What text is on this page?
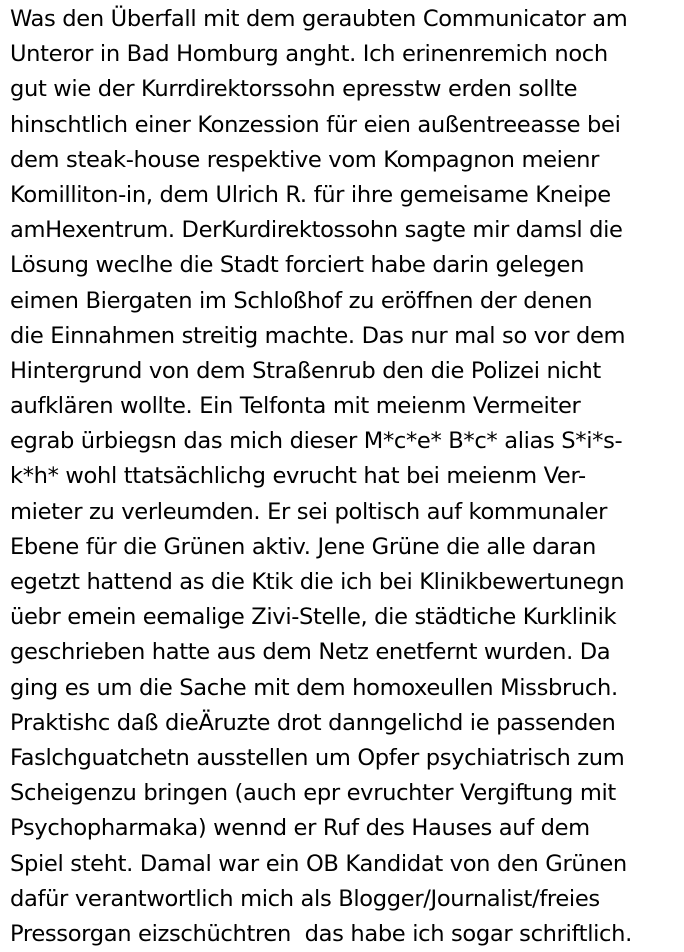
Was den Überfall mit dem geraubten Communicator am
Unteror in Bad Homburg anght. Ich erinenremich noch
gut wie der Kurrdirektorssohn epresstw erden sollte
hinschtlich einer Konzession für eien außentreeasse bei
dem steak-house respektive vom Kompagnon meienr
Komilliton-in, dem Ulrich R. für ihre gemeisame Kneipe
amHexentrum. DerKurdirektossohn sagte mir damsl die
Lösung weclhe die Stadt forciert habe darin gelegen
eimen Biergaten im Schloßhof zu eröffnen der denen
die Einnahmen streitig machte. Das nur mal so vor dem
Hintergrund von dem Straßenrub den die Polizei nicht
aufklären wollte. Ein Telfonta mit meienm Vermeiter
egrab ürbiegsn das mich dieser M*c*e* B*c* alias S*i*s-
k*h* wohl ttatsächlichg evrucht hat bei meienm Ver-
mieter zu verleumden. Er sei poltisch auf kommunaler
Ebene für die Grünen aktiv. Jene Grüne die alle daran
egetzt hattend as die Ktik die ich bei Klinikbewertunegn
üebr emein eemalige Zivi-Stelle, die städtiche Kurklinik
geschrieben hatte aus dem Netz enetfernt wurden. Da
ging es um die Sache mit dem homoxeullen Missbruch.
Praktishc daß dieÄruzte drot danngelichd ie passenden
Faslchguatchetn ausstellen um Opfer psychiatrisch zum
Scheigenzu bringen (auch epr evruchter Vergiftung mit
Psychopharmaka) wennd er Ruf des Hauses auf dem
Spiel steht. Damal war ein OB Kandidat von den Grünen
dafür verantwortlich mich als Blogger/Journalist/freies
Pressorgan eizschüchtren  das habe ich sogar schriftlich.
